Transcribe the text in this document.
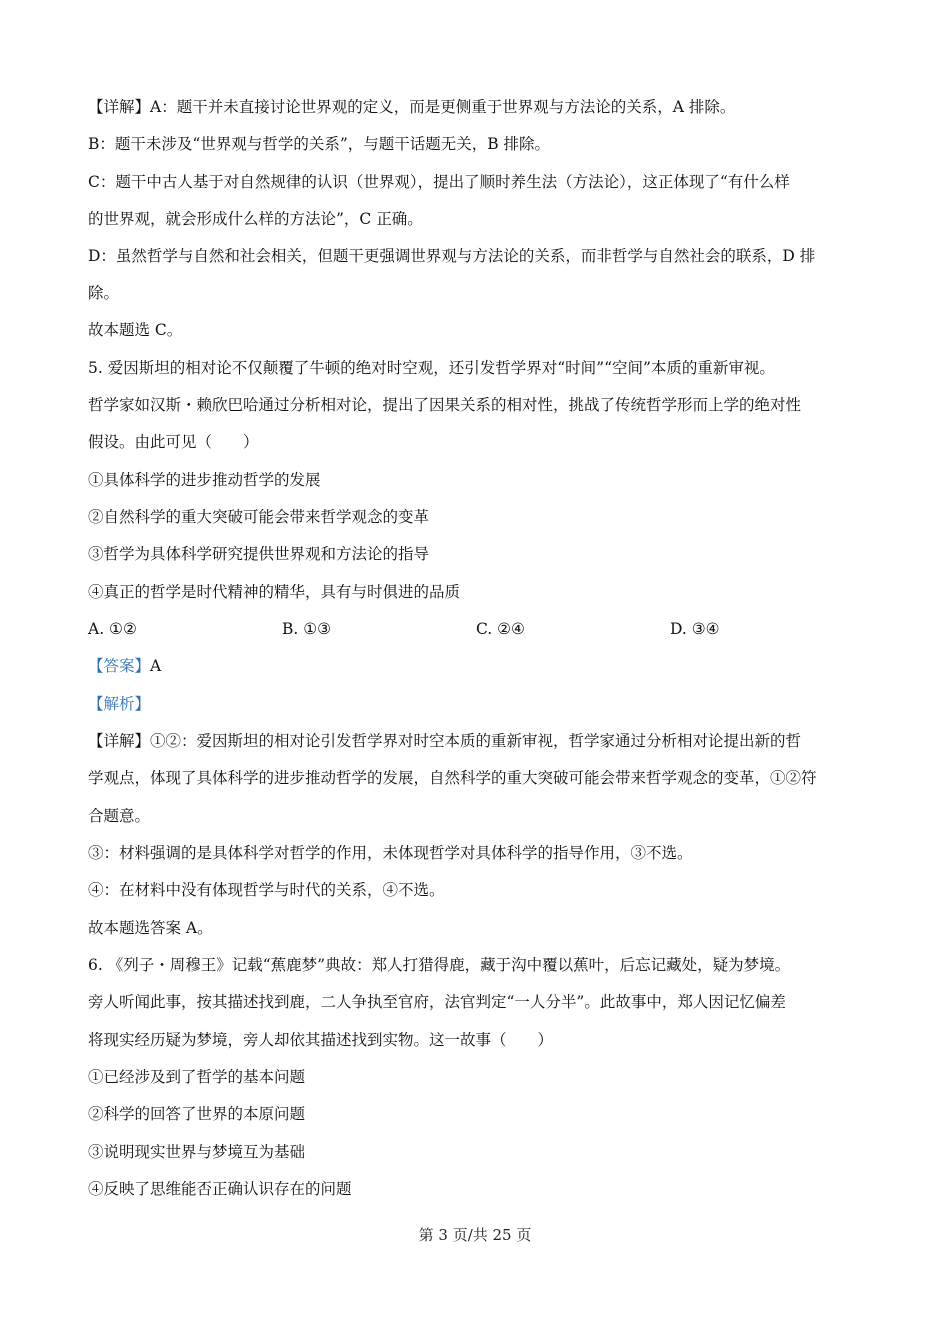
【详解】A：题干并未直接讨论世界观的定义，而是更侧重于世界观与方法论的关系，A 排除。
B：题干未涉及“世界观与哲学的关系”，与题干话题无关，B 排除。
C：题干中古人基于对自然规律的认识（世界观），提出了顺时养生法（方法论），这正体现了“有什么样
的世界观，就会形成什么样的方法论”，C 正确。
D：虽然哲学与自然和社会相关，但题干更强调世界观与方法论的关系，而非哲学与自然社会的联系，D 排
除。
故本题选 C。
5. 爱因斯坦的相对论不仅颠覆了牛顿的绝对时空观，还引发哲学界对“时间”“空间”本质的重新审视。
哲学家如汉斯・赖欣巴哈通过分析相对论，提出了因果关系的相对性，挑战了传统哲学形而上学的绝对性
假设。由此可见（　　）
①具体科学的进步推动哲学的发展
②自然科学的重大突破可能会带来哲学观念的变革
③哲学为具体科学研究提供世界观和方法论的指导
④真正的哲学是时代精神的精华，具有与时俱进的品质
A. ①②	B. ①③	C. ②④	D. ③④
【答案】A
【解析】
【详解】①②：爱因斯坦的相对论引发哲学界对时空本质的重新审视，哲学家通过分析相对论提出新的哲
学观点，体现了具体科学的进步推动哲学的发展，自然科学的重大突破可能会带来哲学观念的变革，①②符
合题意。
③：材料强调的是具体科学对哲学的作用，未体现哲学对具体科学的指导作用，③不选。
④：在材料中没有体现哲学与时代的关系，④不选。
故本题选答案 A。
6. 《列子・周穆王》记载“蕉鹿梦”典故：郑人打猎得鹿，藏于沟中覆以蕉叶，后忘记藏处，疑为梦境。
旁人听闻此事，按其描述找到鹿，二人争执至官府，法官判定“一人分半”。此故事中，郑人因记忆偏差
将现实经历疑为梦境，旁人却依其描述找到实物。这一故事（　　）
①已经涉及到了哲学的基本问题
②科学的回答了世界的本原问题
③说明现实世界与梦境互为基础
④反映了思维能否正确认识存在的问题
第 3 页/共 25 页
